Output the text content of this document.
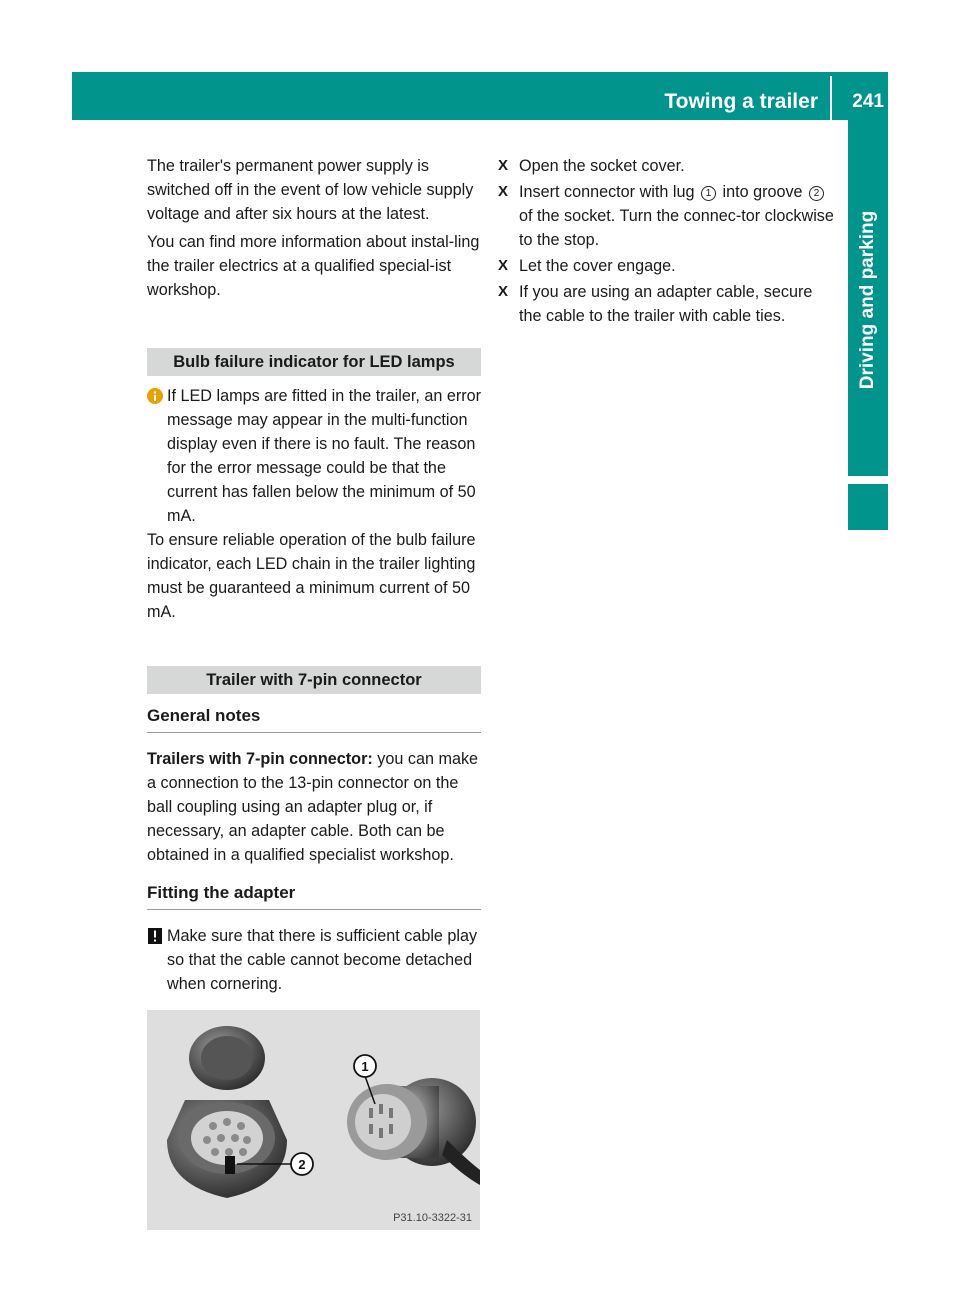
Towing a trailer 241
Driving and parking

The trailer's permanent power supply is switched off in the event of low vehicle supply voltage and after six hours at the latest.

You can find more information about instal-ling the trailer electrics at a qualified special-ist workshop.

Bulb failure indicator for LED lamps

If LED lamps are fitted in the trailer, an error message may appear in the multi-function display even if there is no fault. The reason for the error message could be that the current has fallen below the minimum of 50 mA.

To ensure reliable operation of the bulb failure indicator, each LED chain in the trailer lighting must be guaranteed a minimum current of 50 mA.

Trailer with 7-pin connector
General notes

Trailers with 7-pin connector: you can make a connection to the 13-pin connector on the ball coupling using an adapter plug or, if necessary, an adapter cable. Both can be obtained in a qualified specialist workshop.

Fitting the adapter

Make sure that there is sufficient cable play so that the cable cannot become detached when cornering.

1
2
P31.10-3322-31
X Open the socket cover.

X Insert connector with lug 1 into groove 2 of the socket. Turn the connec-tor clockwise to the stop.

X Let the cover engage.

X If you are using an adapter cable, secure the cable to the trailer with cable ties.
